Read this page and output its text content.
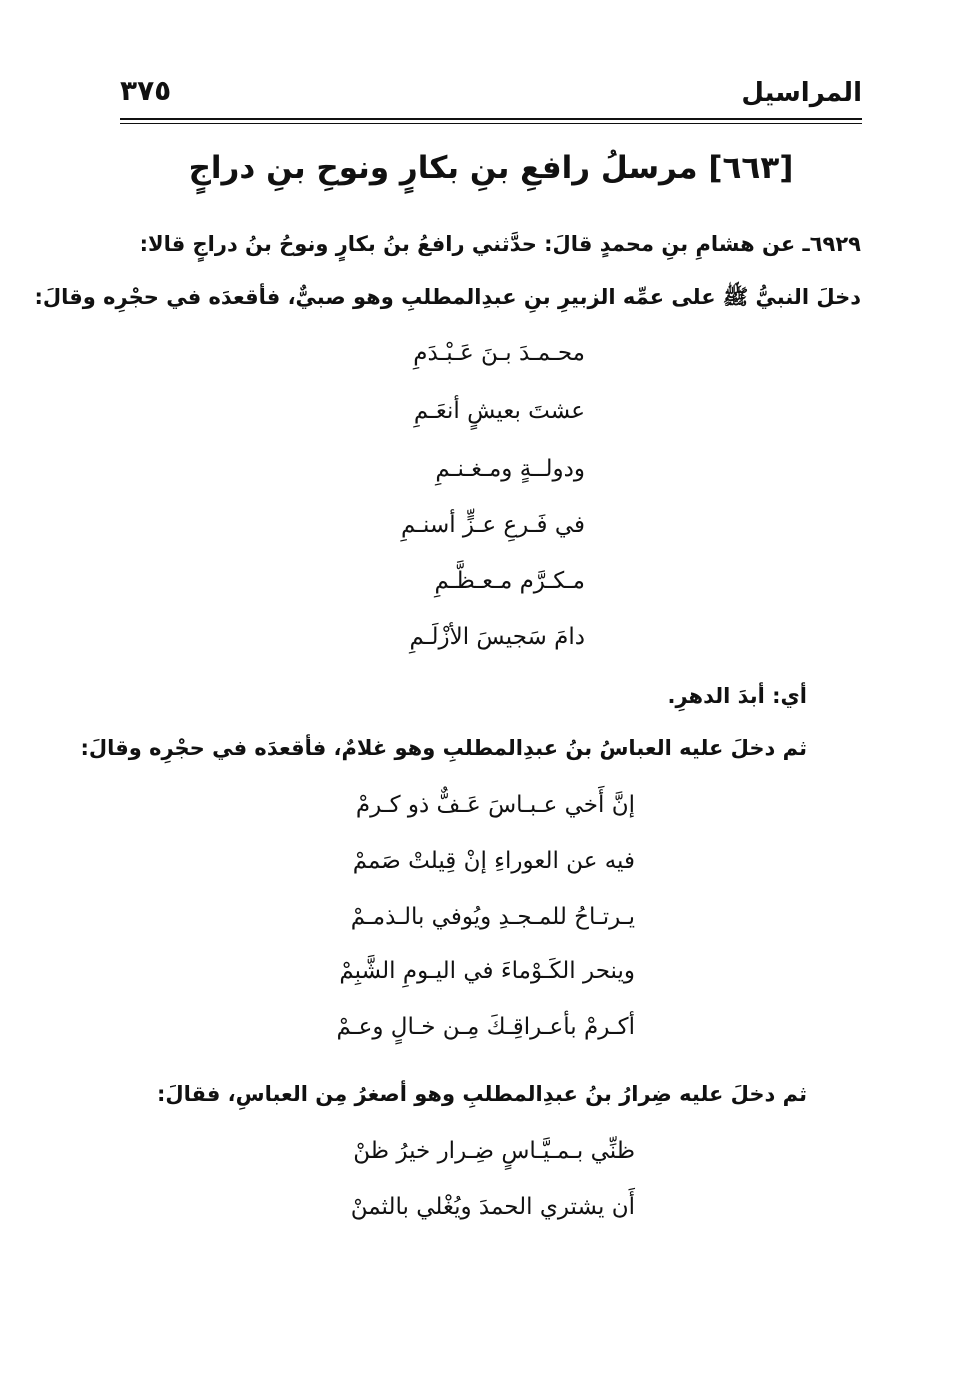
المراسيل
٣٧٥
[٦٦٣] مرسلُ رافعِ بنِ بكارٍ ونوحِ بنِ دراجٍ
٦٩٢٩ـ عن هشامِ بنِ محمدٍ قالَ: حدَّثني رافعُ بنُ بكارٍ ونوحُ بنُ دراجٍ قالا:
دخلَ النبيُّ ﷺ على عمِّه الزبيرِ بنِ عبدِالمطلبِ وهو صبيٌّ، فأقعدَه في حجْرِه وقالَ:
محـمـدَ بـنَ عَـبْـدَمِ
عشتَ بعيشٍ أنعَـمِ
ودولــةٍ ومـغـنـمِ
في فَـرعِ عـزٍّ أسنـمِ
مـكـرَّم مـعـظَّـمِ
دامَ سَجيسَ الأزْلَـمِ
أي: أبدَ الدهرِ.
ثم دخلَ عليه العباسُ بنُ عبدِالمطلبِ وهو غلامٌ، فأقعدَه في حجْرِه وقالَ:
إنَّ أَخي عـبـاسَ عَـفٌّ ذو كـرمْ
فيه عن العوراءِ إنْ قِيلتْ صَممْ
يـرتـاحُ للمـجـدِ ويُوفي بالـذمـمْ
وينحر الكَـوْماءَ في اليـومِ الشَّبِمْ
أكـرمْ بأعـراقِـكَ مِـن خـالٍ وعـمْ
ثم دخلَ عليه ضِرارُ بنُ عبدِالمطلبِ وهو أصغرُ مِن العباسِ، فقالَ:
ظنِّي بـمـيَّـاسٍ ضِـرار خيرُ ظنْ
أَن يشتري الحمدَ ويُغْلي بالثمنْ
